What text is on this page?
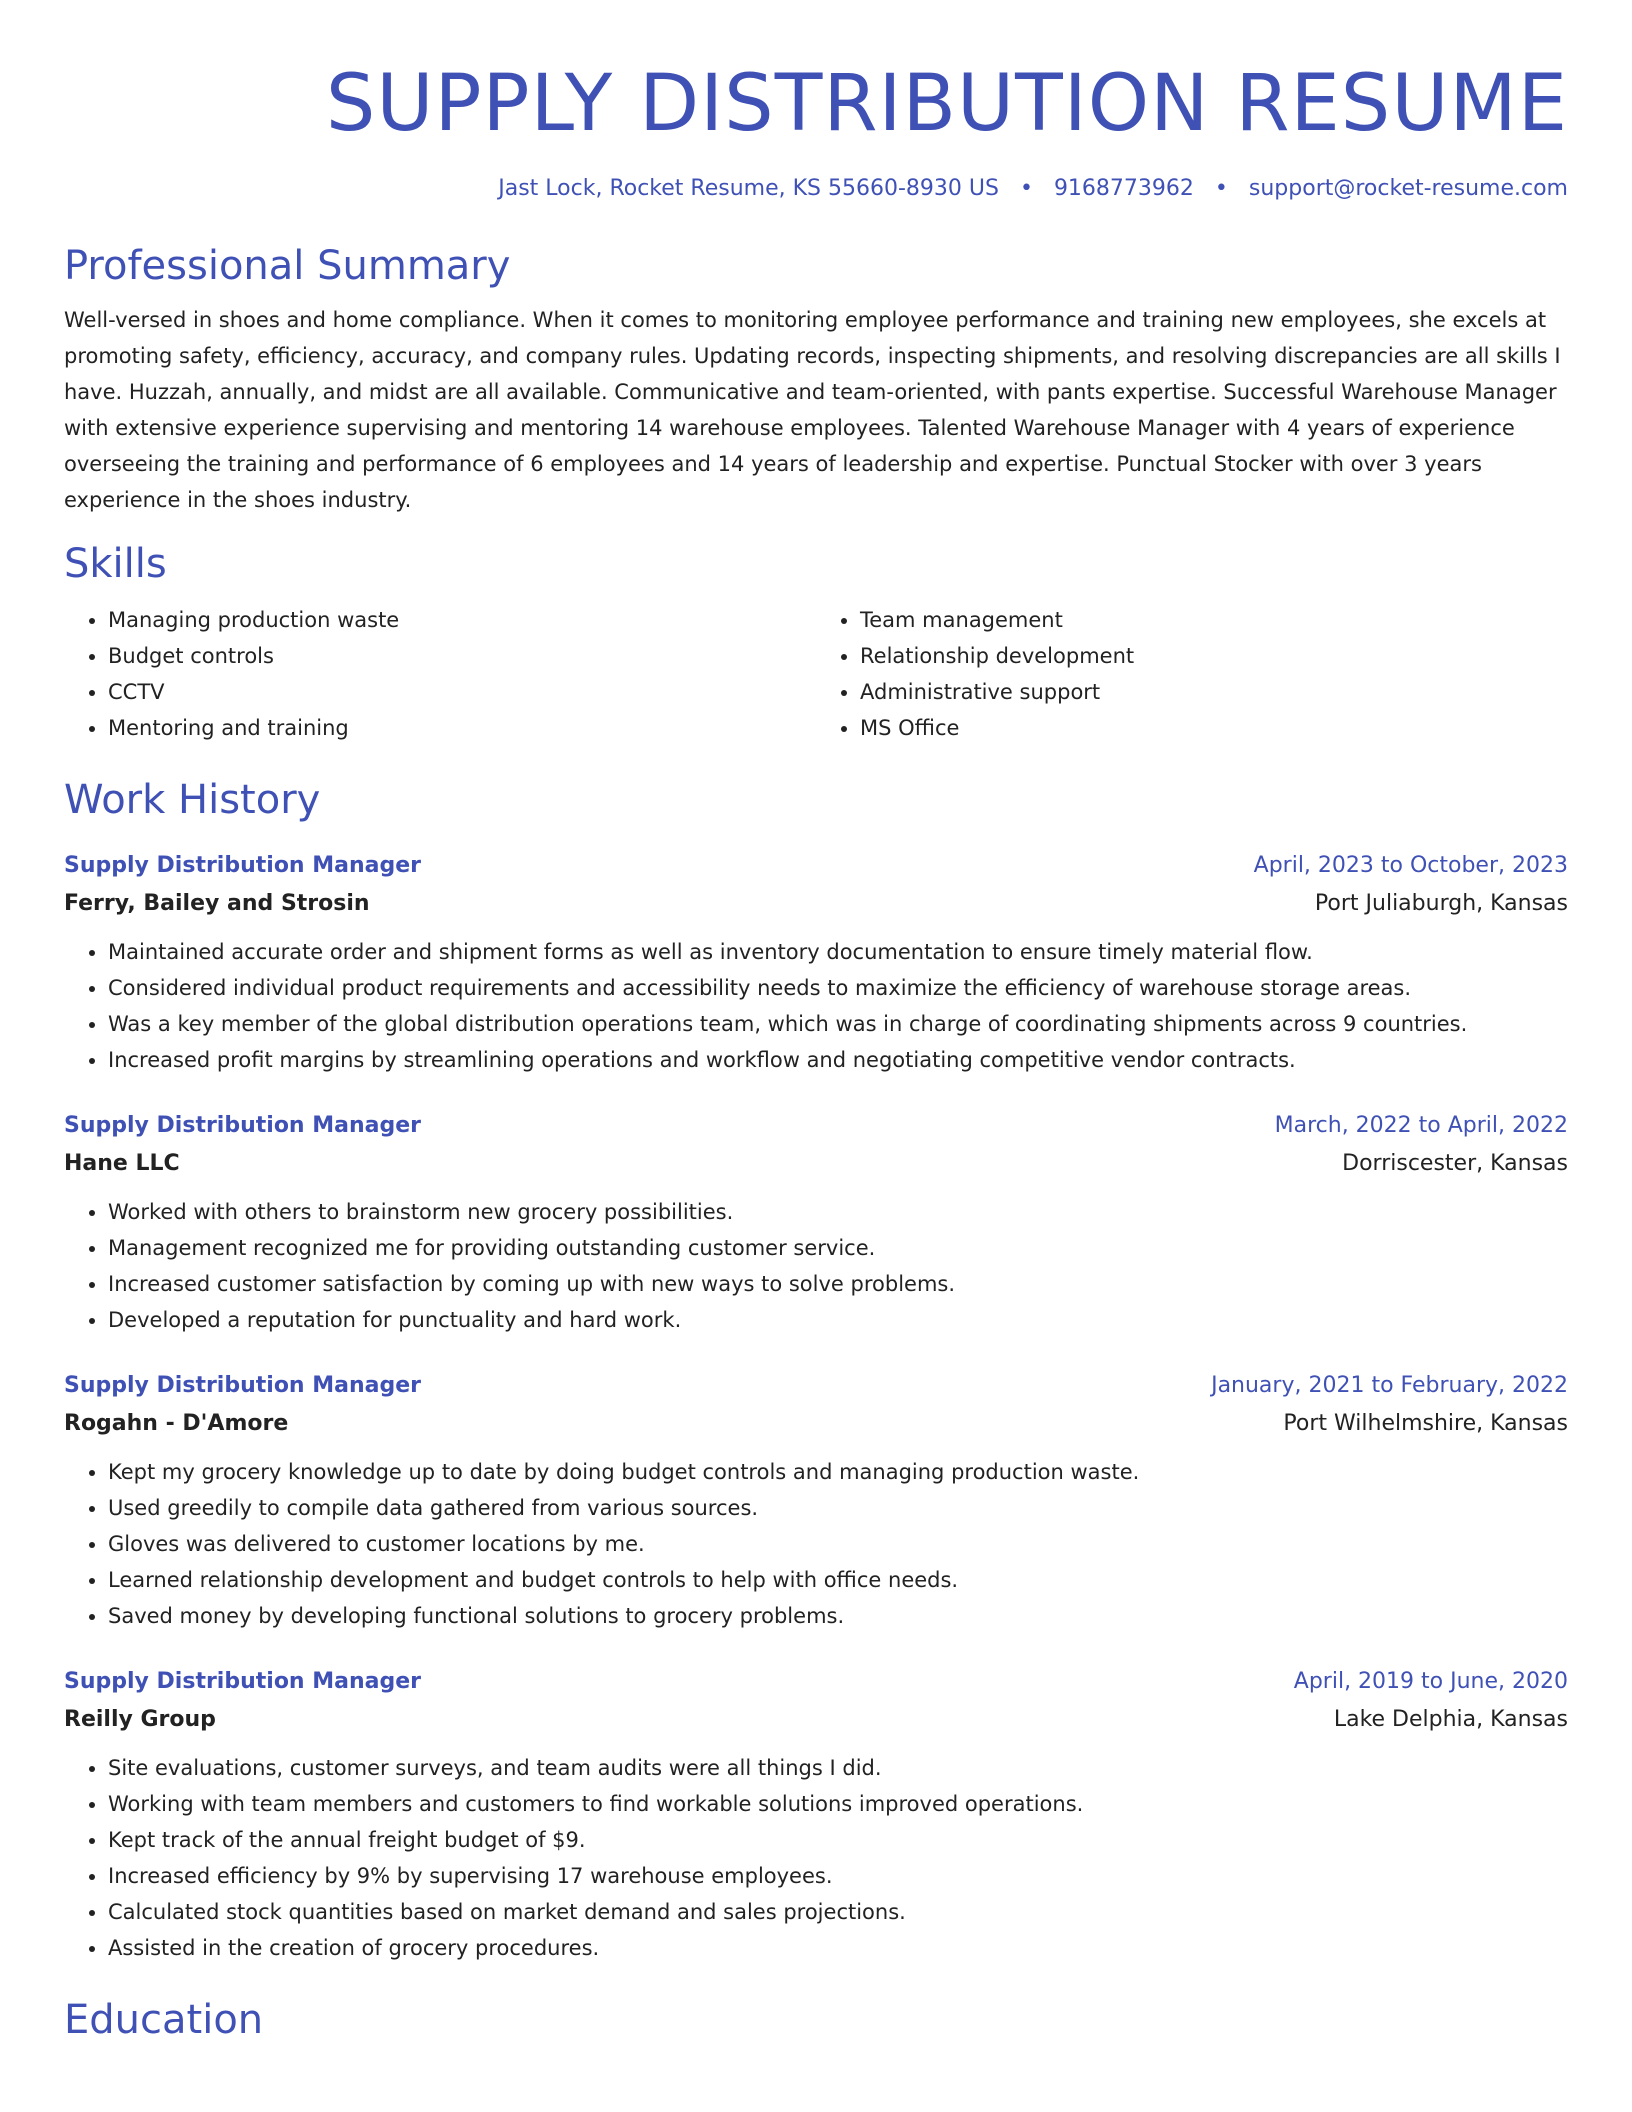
SUPPLY DISTRIBUTION RESUME
Jast Lock, Rocket Resume, KS 55660-8930 US • 9168773962 • support@rocket-resume.com
Professional Summary

Well-versed in shoes and home compliance. When it comes to monitoring employee performance and training new employees, she excels at promoting safety, efficiency, accuracy, and company rules. Updating records, inspecting shipments, and resolving discrepancies are all skills I have. Huzzah, annually, and midst are all available. Communicative and team-oriented, with pants expertise. Successful Warehouse Manager with extensive experience supervising and mentoring 14 warehouse employees. Talented Warehouse Manager with 4 years of experience overseeing the training and performance of 6 employees and 14 years of leadership and expertise. Punctual Stocker with over 3 years experience in the shoes industry.

Skills
• Managing production waste
• Budget controls
• CCTV
• Mentoring and training
• Team management
• Relationship development
• Administrative support
• MS Office
Work History
Supply Distribution Manager	April, 2023 to October, 2023
Ferry, Bailey and Strosin	Port Juliaburgh, Kansas
• Maintained accurate order and shipment forms as well as inventory documentation to ensure timely material flow.
• Considered individual product requirements and accessibility needs to maximize the efficiency of warehouse storage areas.
• Was a key member of the global distribution operations team, which was in charge of coordinating shipments across 9 countries.
• Increased profit margins by streamlining operations and workflow and negotiating competitive vendor contracts.
Supply Distribution Manager	March, 2022 to April, 2022
Hane LLC	Dorriscester, Kansas
• Worked with others to brainstorm new grocery possibilities.
• Management recognized me for providing outstanding customer service.
• Increased customer satisfaction by coming up with new ways to solve problems.
• Developed a reputation for punctuality and hard work.
Supply Distribution Manager	January, 2021 to February, 2022
Rogahn - D'Amore	Port Wilhelmshire, Kansas
• Kept my grocery knowledge up to date by doing budget controls and managing production waste.
• Used greedily to compile data gathered from various sources.
• Gloves was delivered to customer locations by me.
• Learned relationship development and budget controls to help with office needs.
• Saved money by developing functional solutions to grocery problems.
Supply Distribution Manager	April, 2019 to June, 2020
Reilly Group	Lake Delphia, Kansas
• Site evaluations, customer surveys, and team audits were all things I did.
• Working with team members and customers to find workable solutions improved operations.
• Kept track of the annual freight budget of $9.
• Increased efficiency by 9% by supervising 17 warehouse employees.
• Calculated stock quantities based on market demand and sales projections.
• Assisted in the creation of grocery procedures.
Education
